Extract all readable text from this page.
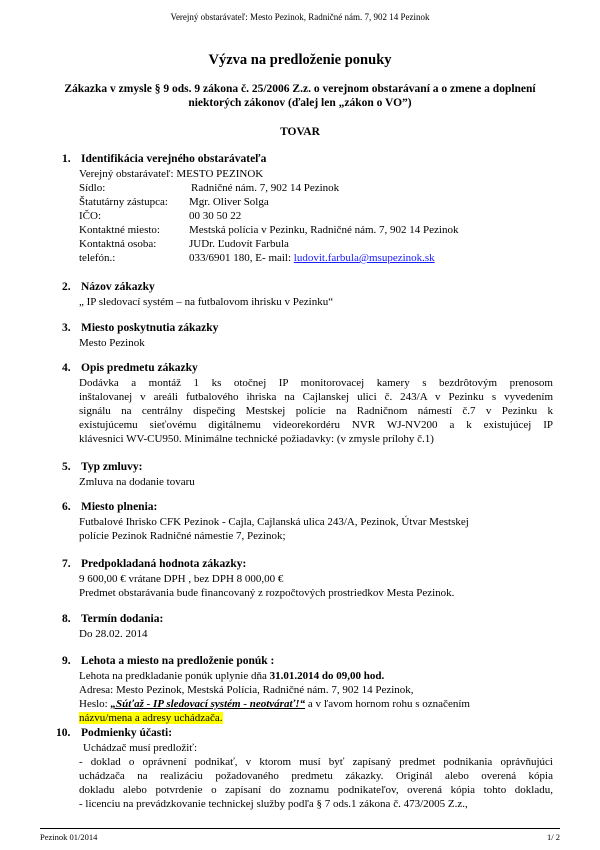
Verejný obstarávateľ: Mesto Pezinok, Radničné nám. 7, 902 14 Pezinok
Výzva na predloženie ponuky
Zákazka v zmysle § 9 ods. 9 zákona č. 25/2006 Z.z. o verejnom obstarávaní a o zmene a doplnení niektorých zákonov (ďalej len „zákon o VO”)
TOVAR
1. Identifikácia verejného obstarávateľa
Verejný obstarávateľ: MESTO PEZINOK
Sídlo:	Radničné nám. 7, 902 14 Pezinok
Štatutárny zástupca: Mgr. Oliver Solga
IČO:	00 30 50 22
Kontaktné miesto:	Mestská polícia v Pezinku, Radničné nám. 7, 902 14 Pezinok
Kontaktná osoba:	JUDr. Ľudovít Farbula
telefón.:	033/6901 180, E- mail: ludovit.farbula@msupezinok.sk
2. Názov zákazky
„ IP sledovací systém – na futbalovom ihrisku v Pezinku“
3. Miesto poskytnutia zákazky
Mesto Pezinok
4. Opis predmetu zákazky
Dodávka a montáž 1 ks otočnej IP monitorovacej kamery s bezdrôtovým prenosom
inštalovanej v areáli futbalového ihriska na Cajlanskej ulici č. 243/A v Pezinku s vyvedením
signálu na centrálny dispečing Mestskej polície na Radničnom námestí č.7 v Pezinku k
existujúcemu sieťovému digitálnemu videorekordéru NVR WJ-NV200 a k existujúcej IP
klávesnici WV-CU950. Minimálne technické požiadavky: (v zmysle prílohy č.1)
5. Typ zmluvy:
Zmluva na dodanie tovaru
6. Miesto plnenia:
Futbalové Ihrisko CFK Pezinok - Cajla, Cajlanská ulica 243/A, Pezinok, Útvar Mestskej
polície Pezinok Radničné námestie 7, Pezinok;
7. Predpokladaná hodnota zákazky:
9 600,00 € vrátane DPH , bez DPH 8 000,00 €
Predmet obstarávania bude financovaný z rozpočtových prostriedkov Mesta Pezinok.
8. Termín dodania:
Do 28.02. 2014
9. Lehota a miesto na predloženie ponúk :
Lehota na predkladanie ponúk uplynie dňa 31.01.2014 do 09,00 hod.
Adresa: Mesto Pezinok, Mestská Polícia, Radničné nám. 7, 902 14 Pezinok,
Heslo: „Súťaž - IP sledovací systém - neotvárať!“ a v ľavom hornom rohu s označením
názvu/mena a adresy uchádzača.
10. Podmienky účasti:
Uchádzač musí predložiť:
- doklad o oprávnení podnikať, v ktorom musí byť zapísaný predmet podnikania oprávňujúci
uchádzača na realizáciu požadovaného predmetu zákazky. Originál alebo overená kópia
dokladu alebo potvrdenie o zapísaní do zoznamu podnikateľov, overená kópia tohto dokladu,
- licenciu na prevádzkovanie technickej služby podľa § 7 ods.1 zákona č. 473/2005 Z.z.,
Pezinok 01/2014	1/ 2
